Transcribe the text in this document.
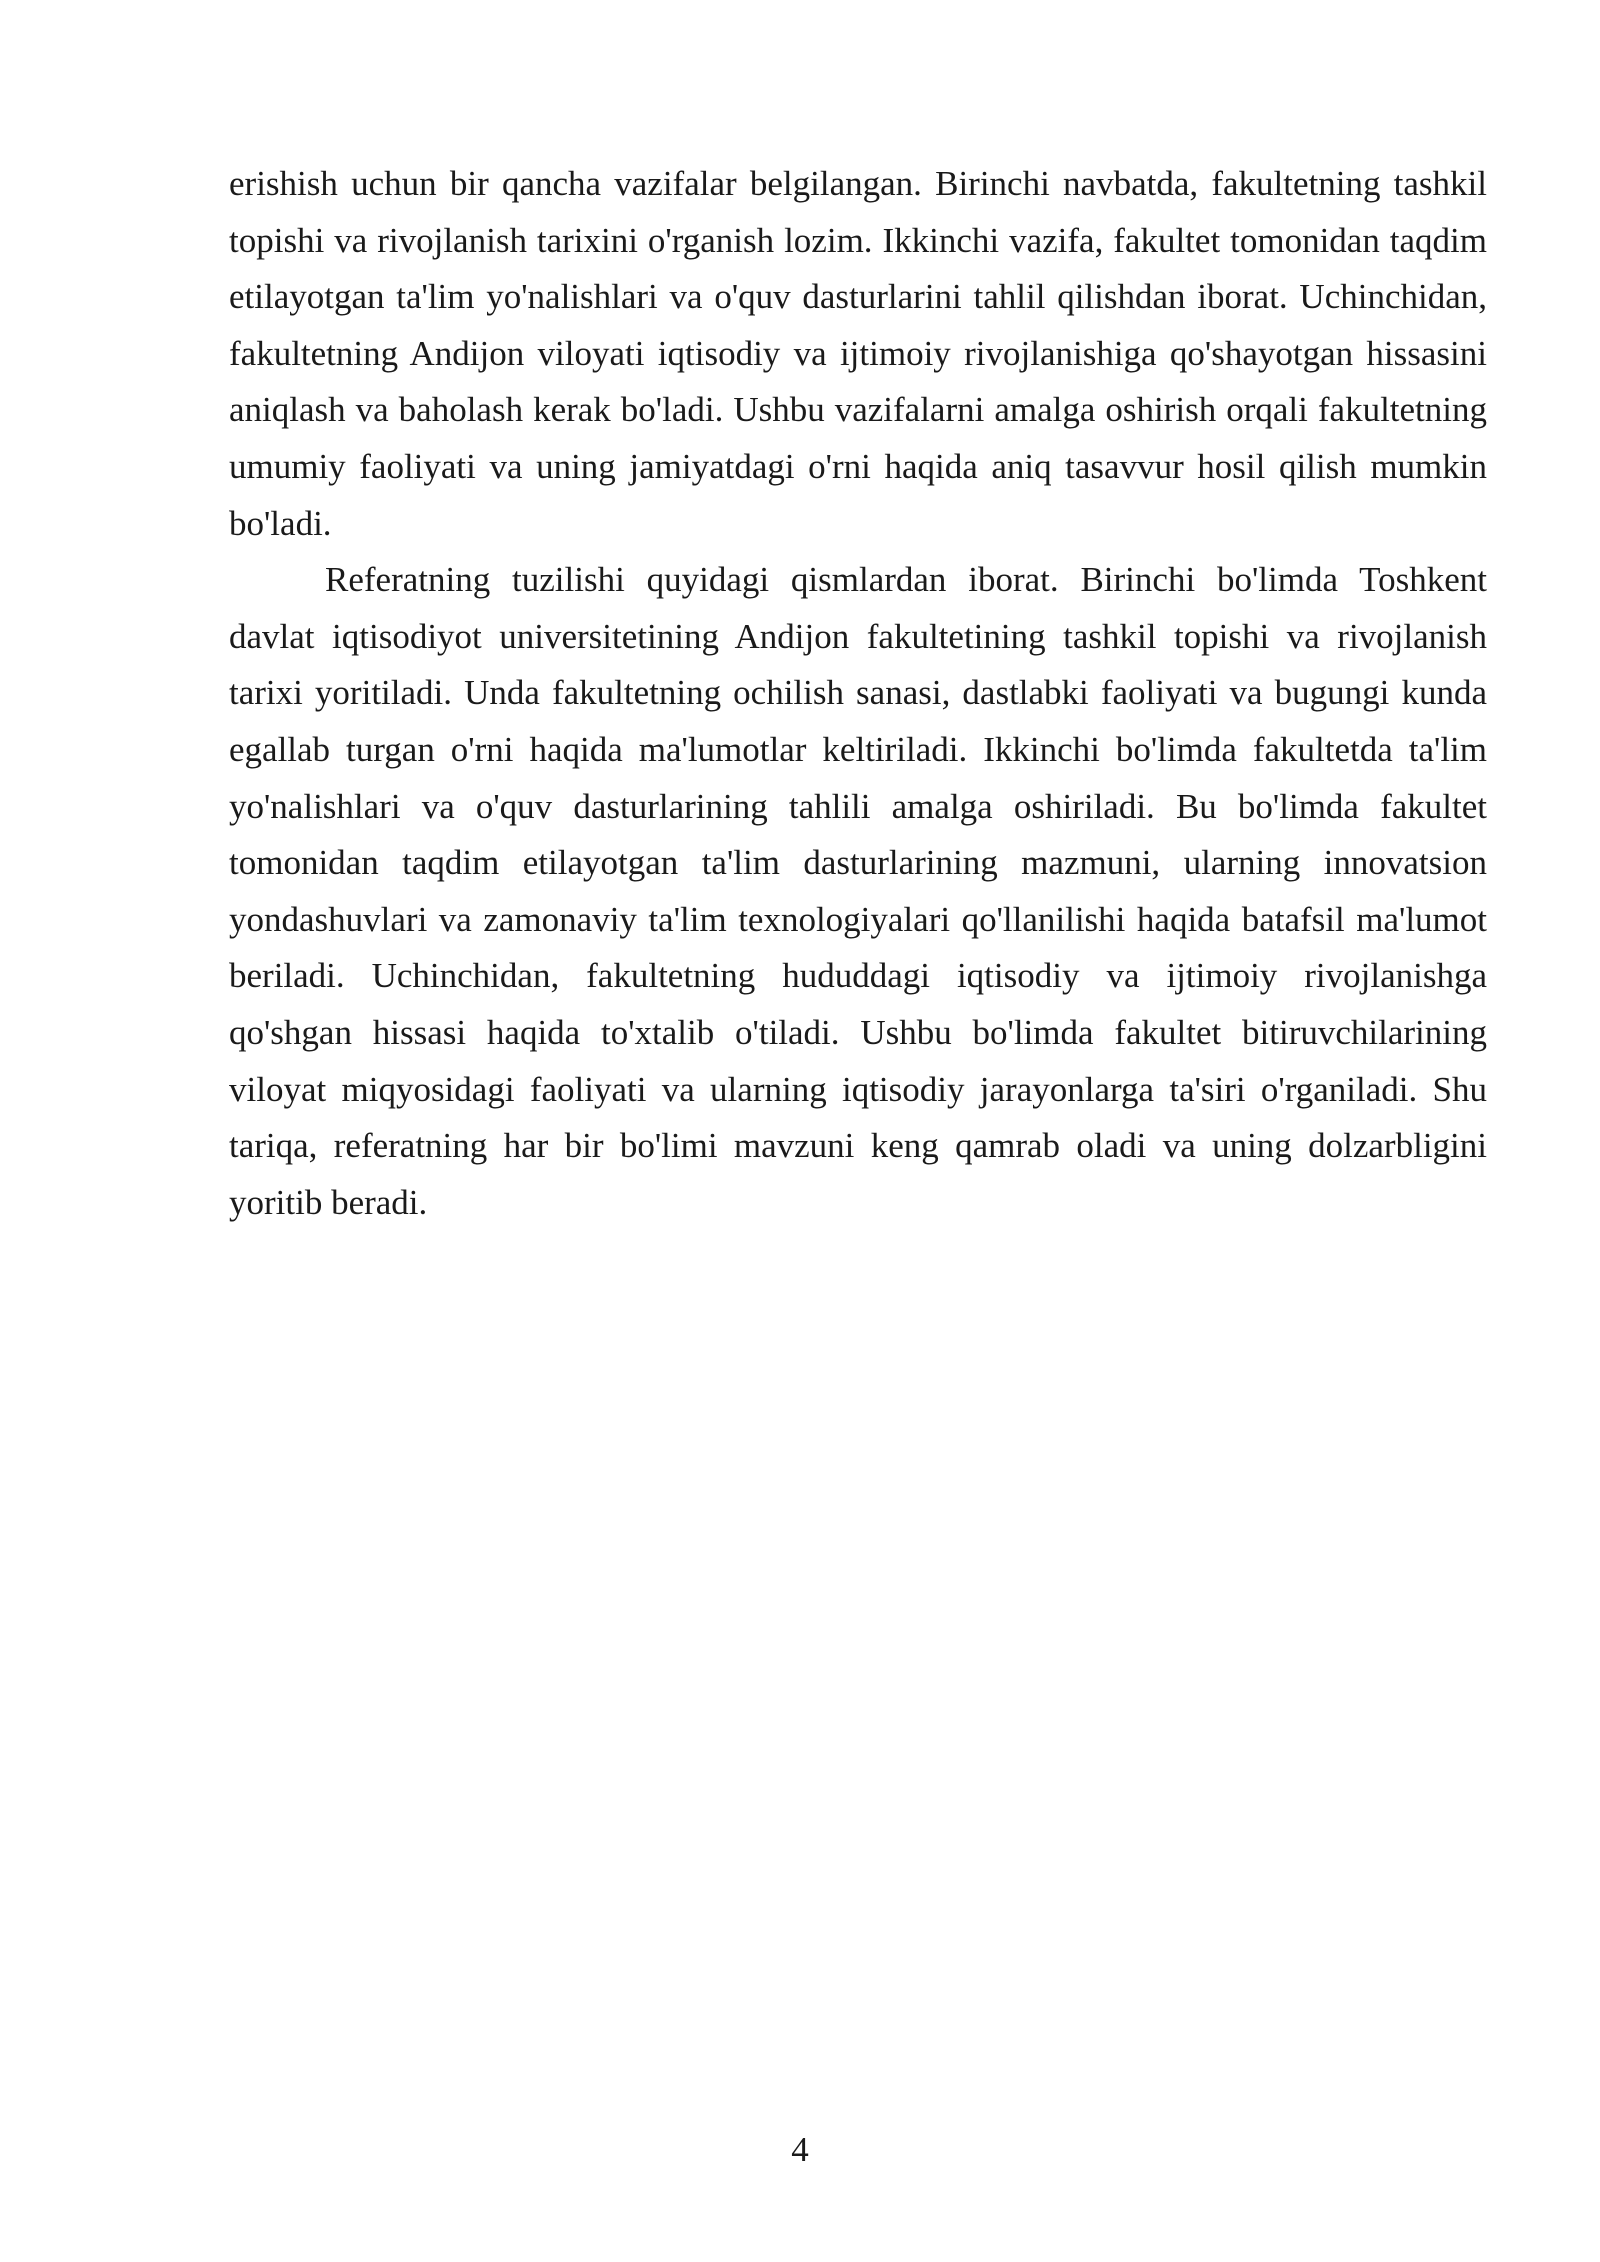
erishish uchun bir qancha vazifalar belgilangan. Birinchi navbatda, fakultetning tashkil topishi va rivojlanish tarixini o'rganish lozim. Ikkinchi vazifa, fakultet tomonidan taqdim etilayotgan ta'lim yo'nalishlari va o'quv dasturlarini tahlil qilishdan iborat. Uchinchidan, fakultetning Andijon viloyati iqtisodiy va ijtimoiy rivojlanishiga qo'shayotgan hissasini aniqlash va baholash kerak bo'ladi. Ushbu vazifalarni amalga oshirish orqali fakultetning umumiy faoliyati va uning jamiyatdagi o'rni haqida aniq tasavvur hosil qilish mumkin bo'ladi.

Referatning tuzilishi quyidagi qismlardan iborat. Birinchi bo'limda Toshkent davlat iqtisodiyot universitetining Andijon fakultetining tashkil topishi va rivojlanish tarixi yoritiladi. Unda fakultetning ochilish sanasi, dastlabki faoliyati va bugungi kunda egallab turgan o'rni haqida ma'lumotlar keltiriladi. Ikkinchi bo'limda fakultetda ta'lim yo'nalishlari va o'quv dasturlarining tahlili amalga oshiriladi. Bu bo'limda fakultet tomonidan taqdim etilayotgan ta'lim dasturlarining mazmuni, ularning innovatsion yondashuvlari va zamonaviy ta'lim texnologiyalari qo'llanilishi haqida batafsil ma'lumot beriladi. Uchinchidan, fakultetning hududdagi iqtisodiy va ijtimoiy rivojlanishga qo'shgan hissasi haqida to'xtalib o'tiladi. Ushbu bo'limda fakultet bitiruvchilarining viloyat miqyosidagi faoliyati va ularning iqtisodiy jarayonlarga ta'siri o'rganiladi. Shu tariqa, referatning har bir bo'limi mavzuni keng qamrab oladi va uning dolzarbligini yoritib beradi.

4
